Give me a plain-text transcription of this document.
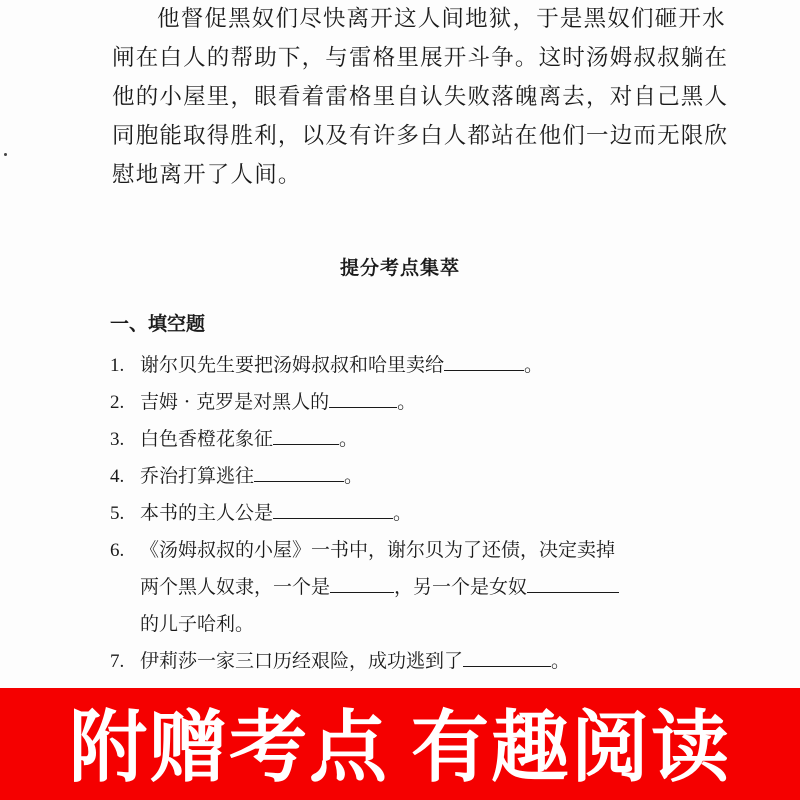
他督促黑奴们尽快离开这人间地狱，于是黑奴们砸开水
闸在白人的帮助下，与雷格里展开斗争。这时汤姆叔叔躺在
他的小屋里，眼看着雷格里自认失败落魄离去，对自己黑人
同胞能取得胜利，以及有许多白人都站在他们一边而无限欣
慰地离开了人间。
提分考点集萃
一、填空题
1. 谢尔贝先生要把汤姆叔叔和哈里卖给	。
2. 吉姆 · 克罗是对黑人的	。
3. 白色香橙花象征	。
4. 乔治打算逃往	。
5. 本书的主人公是	。
6. 《汤姆叔叔的小屋》一书中，谢尔贝为了还债，决定卖掉
两个黑人奴隶，一个是	，另一个是女奴
的儿子哈利。
7. 伊莉莎一家三口历经艰险，成功逃到了	。
附赠考点 有趣阅读
